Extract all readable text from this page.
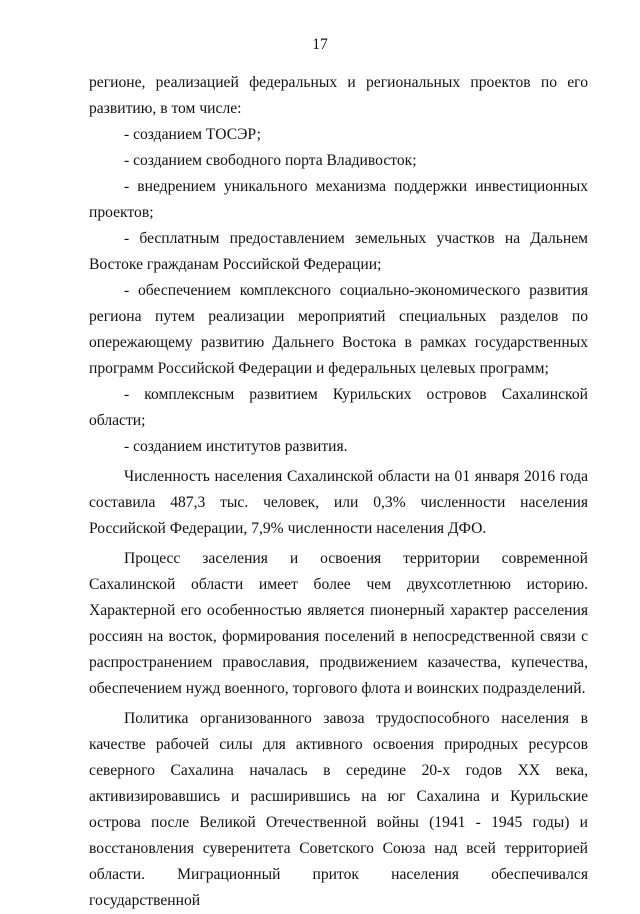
17

регионе, реализацией федеральных и региональных проектов по его развитию, в том числе:

- созданием ТОСЭР;

- созданием свободного порта Владивосток;

- внедрением уникального механизма поддержки инвестиционных проектов;

- бесплатным предоставлением земельных участков на Дальнем Востоке гражданам Российской Федерации;

- обеспечением комплексного социально-экономического развития региона путем реализации мероприятий специальных разделов по опережающему развитию Дальнего Востока в рамках государственных программ Российской Федерации и федеральных целевых программ;

- комплексным развитием Курильских островов Сахалинской области;

- созданием институтов развития.

Численность населения Сахалинской области на 01 января 2016 года составила 487,3 тыс. человек, или 0,3% численности населения Российской Федерации, 7,9% численности населения ДФО.

Процесс заселения и освоения территории современной Сахалинской области имеет более чем двухсотлетнюю историю. Характерной его особенностью является пионерный характер расселения россиян на восток, формирования поселений в непосредственной связи с распространением православия, продвижением казачества, купечества, обеспечением нужд военного, торгового флота и воинских подразделений.

Политика организованного завоза трудоспособного населения в качестве рабочей силы для активного освоения природных ресурсов северного Сахалина началась в середине 20-х годов XX века, активизировавшись и расширившись на юг Сахалина и Курильские острова после Великой Отечественной войны (1941 - 1945 годы) и восстановления суверенитета Советского Союза над всей территорией области. Миграционный приток населения обеспечивался государственной
